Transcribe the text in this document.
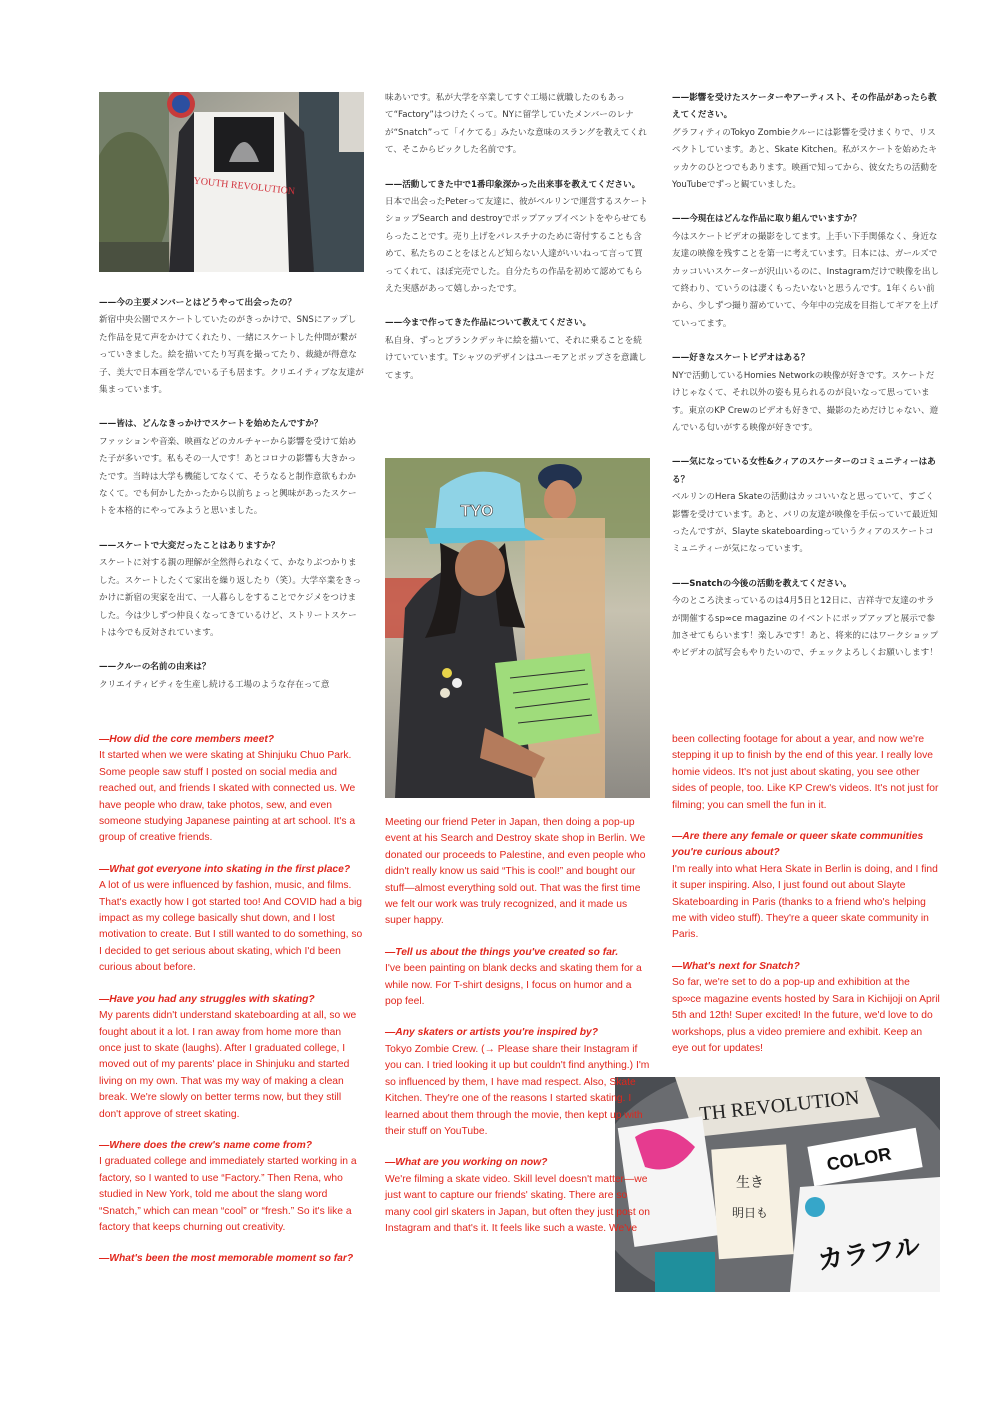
YOUTH REVOLUTION
TYO
TH REVOLUTION
明日も
生き
COLOR
カラフル
——今の主要メンバーとはどうやって出会ったの？

新宿中央公園でスケートしていたのがきっかけで、SNSにアップした作品を見て声をかけてくれたり、一緒にスケートした仲間が繋がっていきました。絵を描いてたり写真を撮ってたり、裁縫が得意な子、美大で日本画を学んでいる子も居ます。クリエイティブな友達が集まっています。

——皆は、どんなきっかけでスケートを始めたんですか？

ファッションや音楽、映画などのカルチャーから影響を受けて始めた子が多いです。私もその一人です！あとコロナの影響も大きかったです。当時は大学も機能してなくて、そうなると制作意欲もわかなくて。でも何かしたかったから以前ちょっと興味があったスケートを本格的にやってみようと思いました。

——スケートで大変だったことはありますか？

スケートに対する親の理解が全然得られなくて、かなりぶつかりました。スケートしたくて家出を繰り返したり（笑）。大学卒業をきっかけに新宿の実家を出て、一人暮らしをすることでケジメをつけました。今は少しずつ仲良くなってきているけど、ストリートスケートは今でも反対されています。

——クルーの名前の由来は？

クリエイティビティを生産し続ける工場のような存在って意

味あいです。私が大学を卒業してすぐ工場に就職したのもあって“Factory”はつけたくって。NYに留学していたメンバーのレナが“Snatch”って「イケてる」みたいな意味のスラングを教えてくれて、そこからピックした名前です。

——活動してきた中で1番印象深かった出来事を教えてください。

日本で出会ったPeterって友達に、彼がベルリンで運営するスケートショップSearch and destroyでポップアップイベントをやらせてもらったことです。売り上げをパレスチナのために寄付することも含めて、私たちのことをほとんど知らない人達がいいねって言って買ってくれて、ほぼ完売でした。自分たちの作品を初めて認めてもらえた実感があって嬉しかったです。

——今まで作ってきた作品について教えてください。

私自身、ずっとブランクデッキに絵を描いて、それに乗ることを続けていています。Tシャツのデザインはユーモアとポップさを意識してます。

——影響を受けたスケーターやアーティスト、その作品があったら教えてください。

グラフィティのTokyo Zombieクルーには影響を受けまくりで、リスペクトしています。あと、Skate Kitchen。私がスケートを始めたキッカケのひとつでもあります。映画で知ってから、彼女たちの活動をYouTubeでずっと観ていました。

——今現在はどんな作品に取り組んでいますか？

今はスケートビデオの撮影をしてます。上手い下手関係なく、身近な友達の映像を残すことを第一に考えています。日本には、ガールズでカッコいいスケーターが沢山いるのに、Instagramだけで映像を出して終わり、ていうのは凄くもったいないと思うんです。1年くらい前から、少しずつ撮り溜めていて、今年中の完成を目指してギアを上げていってます。

——好きなスケートビデオはある？

NYで活動しているHomies Networkの映像が好きです。スケートだけじゃなくて、それ以外の姿も見られるのが良いなって思っています。東京のKP Crewのビデオも好きで、撮影のためだけじゃない、遊んでいる匂いがする映像が好きです。

——気になっている女性&クィアのスケーターのコミュニティーはある？

ベルリンのHera Skateの活動はカッコいいなと思っていて、すごく影響を受けています。あと、パリの友達が映像を手伝っていて最近知ったんですが、Slayte skateboardingっていうクィアのスケートコミュニティーが気になっています。

——Snatchの今後の活動を教えてください。

今のところ決まっているのは4月5日と12日に、吉祥寺で友達のサラが開催するsp∞ce magazine のイベントにポップアップと展示で参加させてもらいます！楽しみです！あと、将来的にはワークショップやビデオの試写会もやりたいので、チェックよろしくお願いします！

—How did the core members meet?

It started when we were skating at Shinjuku Chuo Park. Some people saw stuff I posted on social media and reached out, and friends I skated with connected us. We have people who draw, take photos, sew, and even someone studying Japanese painting at art school. It's a group of creative friends.

—What got everyone into skating in the first place?

A lot of us were influenced by fashion, music, and films. That's exactly how I got started too! And COVID had a big impact as my college basically shut down, and I lost motivation to create. But I still wanted to do something, so I decided to get serious about skating, which I'd been curious about before.

—Have you had any struggles with skating?

My parents didn't understand skateboarding at all, so we fought about it a lot. I ran away from home more than once just to skate (laughs). After I graduated college, I moved out of my parents' place in Shinjuku and started living on my own. That was my way of making a clean break. We're slowly on better terms now, but they still don't approve of street skating.

—Where does the crew's name come from?

I graduated college and immediately started working in a factory, so I wanted to use “Factory.” Then Rena, who studied in New York, told me about the slang word “Snatch,” which can mean “cool” or “fresh.” So it's like a factory that keeps churning out creativity.

—What's been the most memorable moment so far?

Meeting our friend Peter in Japan, then doing a pop-up event at his Search and Destroy skate shop in Berlin. We donated our proceeds to Palestine, and even people who didn't really know us said “This is cool!” and bought our stuff—almost everything sold out. That was the first time we felt our work was truly recognized, and it made us super happy.

—Tell us about the things you've created so far.

I've been painting on blank decks and skating them for a while now. For T-shirt designs, I focus on humor and a pop feel.

—Any skaters or artists you're inspired by?

Tokyo Zombie Crew. (→ Please share their Instagram if you can. I tried looking it up but couldn't find anything.) I'm so influenced by them, I have mad respect. Also, Skate Kitchen. They're one of the reasons I started skating. I learned about them through the movie, then kept up with their stuff on YouTube.

—What are you working on now?

We're filming a skate video. Skill level doesn't matter—we just want to capture our friends' skating. There are so many cool girl skaters in Japan, but often they just post on Instagram and that's it. It feels like such a waste. We've

been collecting footage for about a year, and now we're stepping it up to finish by the end of this year. I really love homie videos. It's not just about skating, you see other sides of people, too. Like KP Crew's videos. It's not just for filming; you can smell the fun in it.

—Are there any female or queer skate communities you're curious about?

I'm really into what Hera Skate in Berlin is doing, and I find it super inspiring. Also, I just found out about Slayte Skateboarding in Paris (thanks to a friend who's helping me with video stuff). They're a queer skate community in Paris.

—What's next for Snatch?

So far, we're set to do a pop-up and exhibition at the sp∞ce magazine events hosted by Sara in Kichijoji on April 5th and 12th! Super excited! In the future, we'd love to do workshops, plus a video premiere and exhibit. Keep an eye out for updates!
